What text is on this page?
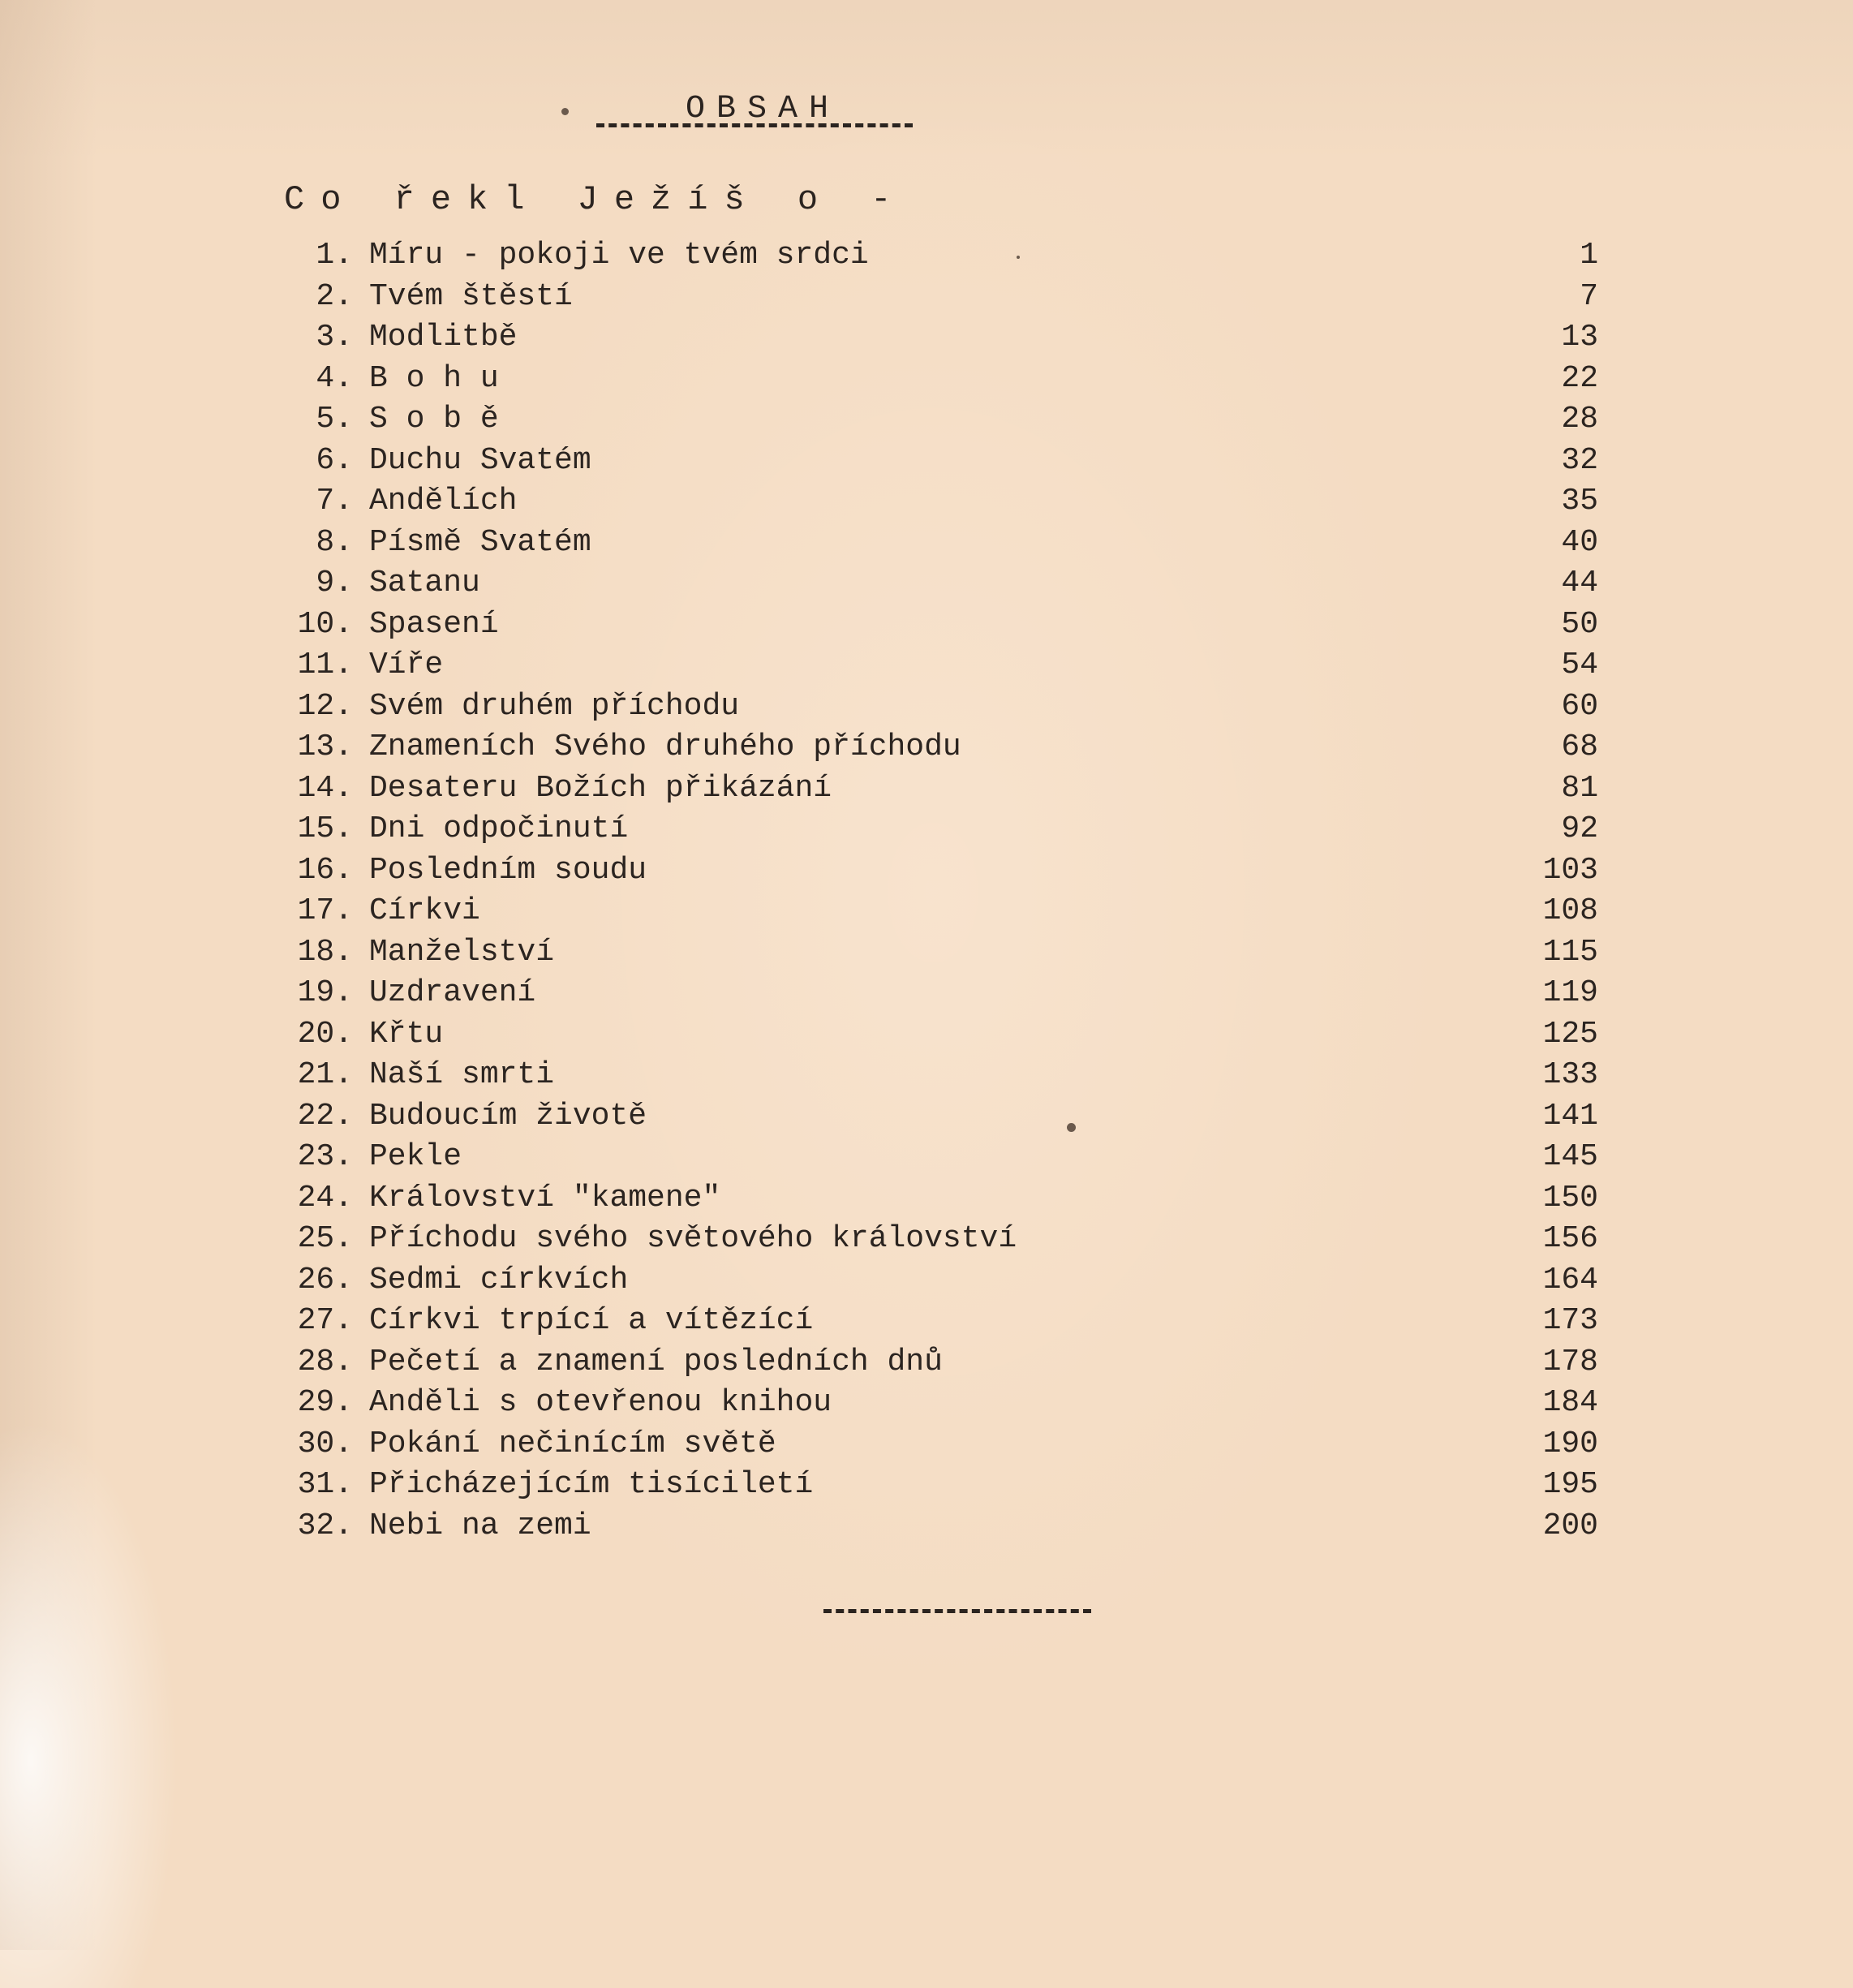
OBSAH
Co řekl Ježíš o -
1. Míru - pokoji ve tvém srdci	1
2. Tvém štěstí	7
3. Modlitbě	13
4. B o h u	22
5. S o b ě	28
6. Duchu Svatém	32
7. Andělích	35
8. Písmě Svatém	40
9. Satanu	44
10. Spasení	50
11. Víře	54
12. Svém druhém příchodu	60
13. Znameních Svého druhého příchodu	68
14. Desateru Božích přikázání	81
15. Dni odpočinutí	92
16. Posledním soudu	103
17. Církvi	108
18. Manželství	115
19. Uzdravení	119
20. Křtu	125
21. Naší smrti	133
22. Budoucím životě	141
23. Pekle	145
24. Království "kamene"	150
25. Příchodu svého světového království	156
26. Sedmi církvích	164
27. Církvi trpící a vítězící	173
28. Pečetí a znamení posledních dnů	178
29. Anděli s otevřenou knihou	184
30. Pokání nečinícím světě	190
31. Přicházejícím tisíciletí	195
32. Nebi na zemi	200
